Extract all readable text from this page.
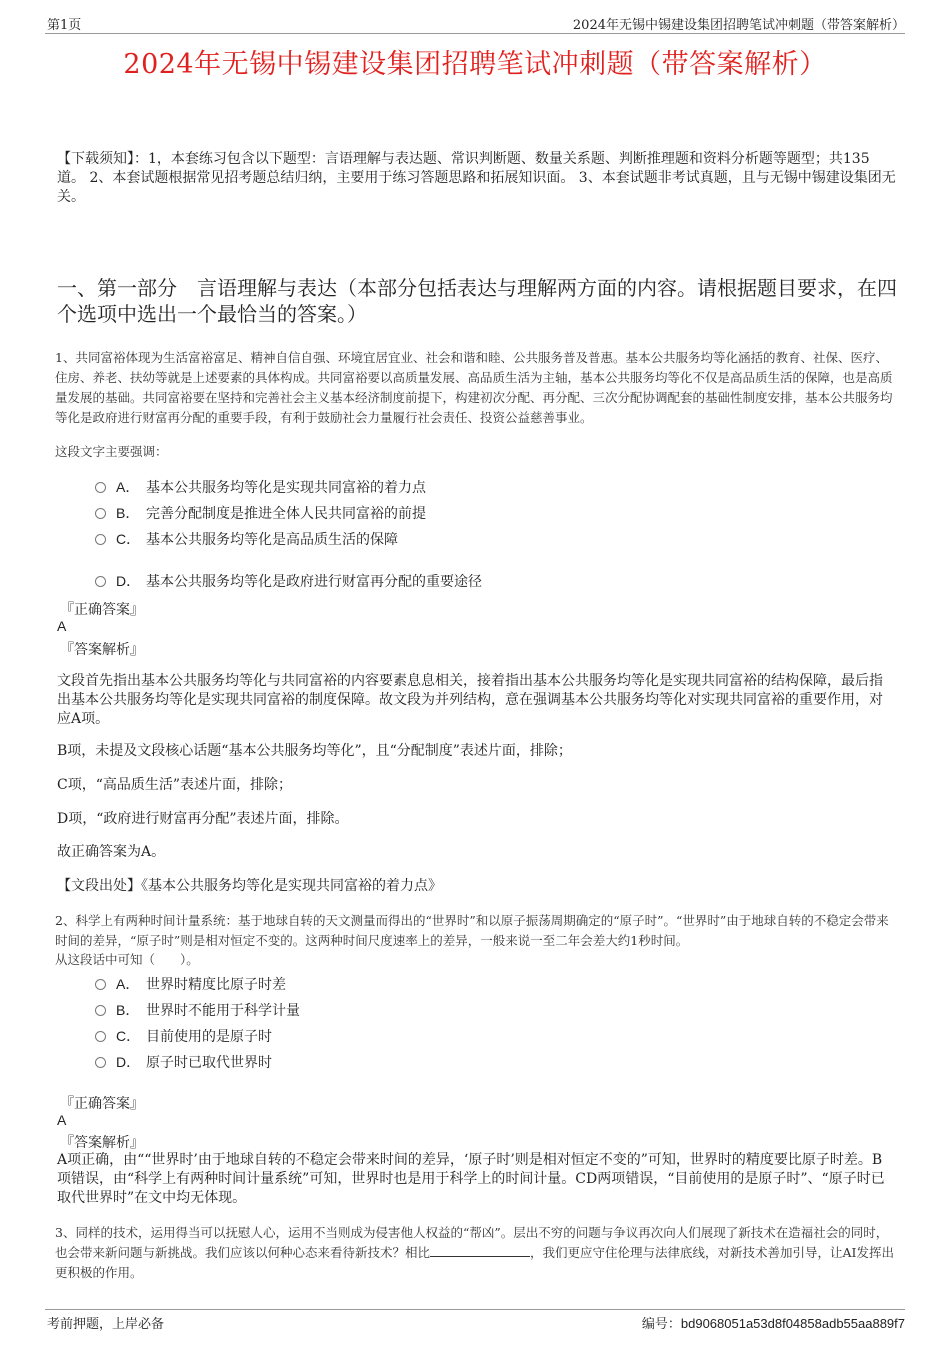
第1页	2024年无锡中锡建设集团招聘笔试冲刺题（带答案解析）
2024年无锡中锡建设集团招聘笔试冲刺题（带答案解析）
【下载须知】：1，本套练习包含以下题型：言语理解与表达题、常识判断题、数量关系题、判断推理题和资料分析题等题型；共135道。 2、本套试题根据常见招考题总结归纳，主要用于练习答题思路和拓展知识面。 3、本套试题非考试真题，且与无锡中锡建设集团无关。
一、第一部分　言语理解与表达（本部分包括表达与理解两方面的内容。请根据题目要求，在四个选项中选出一个最恰当的答案。）
1、共同富裕体现为生活富裕富足、精神自信自强、环境宜居宜业、社会和谐和睦、公共服务普及普惠。基本公共服务均等化涵括的教育、社保、医疗、住房、养老、扶幼等就是上述要素的具体构成。共同富裕要以高质量发展、高品质生活为主轴，基本公共服务均等化不仅是高品质生活的保障，也是高质量发展的基础。共同富裕要在坚持和完善社会主义基本经济制度前提下，构建初次分配、再分配、三次分配协调配套的基础性制度安排，基本公共服务均等化是政府进行财富再分配的重要手段，有利于鼓励社会力量履行社会责任、投资公益慈善事业。
这段文字主要强调：
A． 基本公共服务均等化是实现共同富裕的着力点
B． 完善分配制度是推进全体人民共同富裕的前提
C． 基本公共服务均等化是高品质生活的保障
D． 基本公共服务均等化是政府进行财富再分配的重要途径
『正确答案』
A
『答案解析』
文段首先指出基本公共服务均等化与共同富裕的内容要素息息相关，接着指出基本公共服务均等化是实现共同富裕的结构保障，最后指出基本公共服务均等化是实现共同富裕的制度保障。故文段为并列结构，意在强调基本公共服务均等化对实现共同富裕的重要作用，对应A项。
B项，未提及文段核心话题“基本公共服务均等化”，且“分配制度”表述片面，排除；
C项，“高品质生活”表述片面，排除；
D项，“政府进行财富再分配”表述片面，排除。
故正确答案为A。
【文段出处】《基本公共服务均等化是实现共同富裕的着力点》
2、科学上有两种时间计量系统：基于地球自转的天文测量而得出的“世界时”和以原子振荡周期确定的“原子时”。“世界时”由于地球自转的不稳定会带来时间的差异，“原子时”则是相对恒定不变的。这两种时间尺度速率上的差异，一般来说一至二年会差大约1秒时间。
从这段话中可知（　　）。
A． 世界时精度比原子时差
B． 世界时不能用于科学计量
C． 目前使用的是原子时
D． 原子时已取代世界时
『正确答案』
A
『答案解析』
A项正确，由““世界时’由于地球自转的不稳定会带来时间的差异，‘原子时’则是相对恒定不变的”可知，世界时的精度要比原子时差。B项错误，由“科学上有两种时间计量系统”可知，世界时也是用于科学上的时间计量。CD两项错误，“目前使用的是原子时”、“原子时已取代世界时”在文中均无体现。
3、同样的技术，运用得当可以抚慰人心，运用不当则成为侵害他人权益的“帮凶”。层出不穷的问题与争议再次向人们展现了新技术在造福社会的同时，也会带来新问题与新挑战。我们应该以何种心态来看待新技术？相比	，我们更应守住伦理与法律底线，对新技术善加引导，让AI发挥出更积极的作用。
考前押题，上岸必备	编号：bd9068051a53d8f04858adb55aa889f7
